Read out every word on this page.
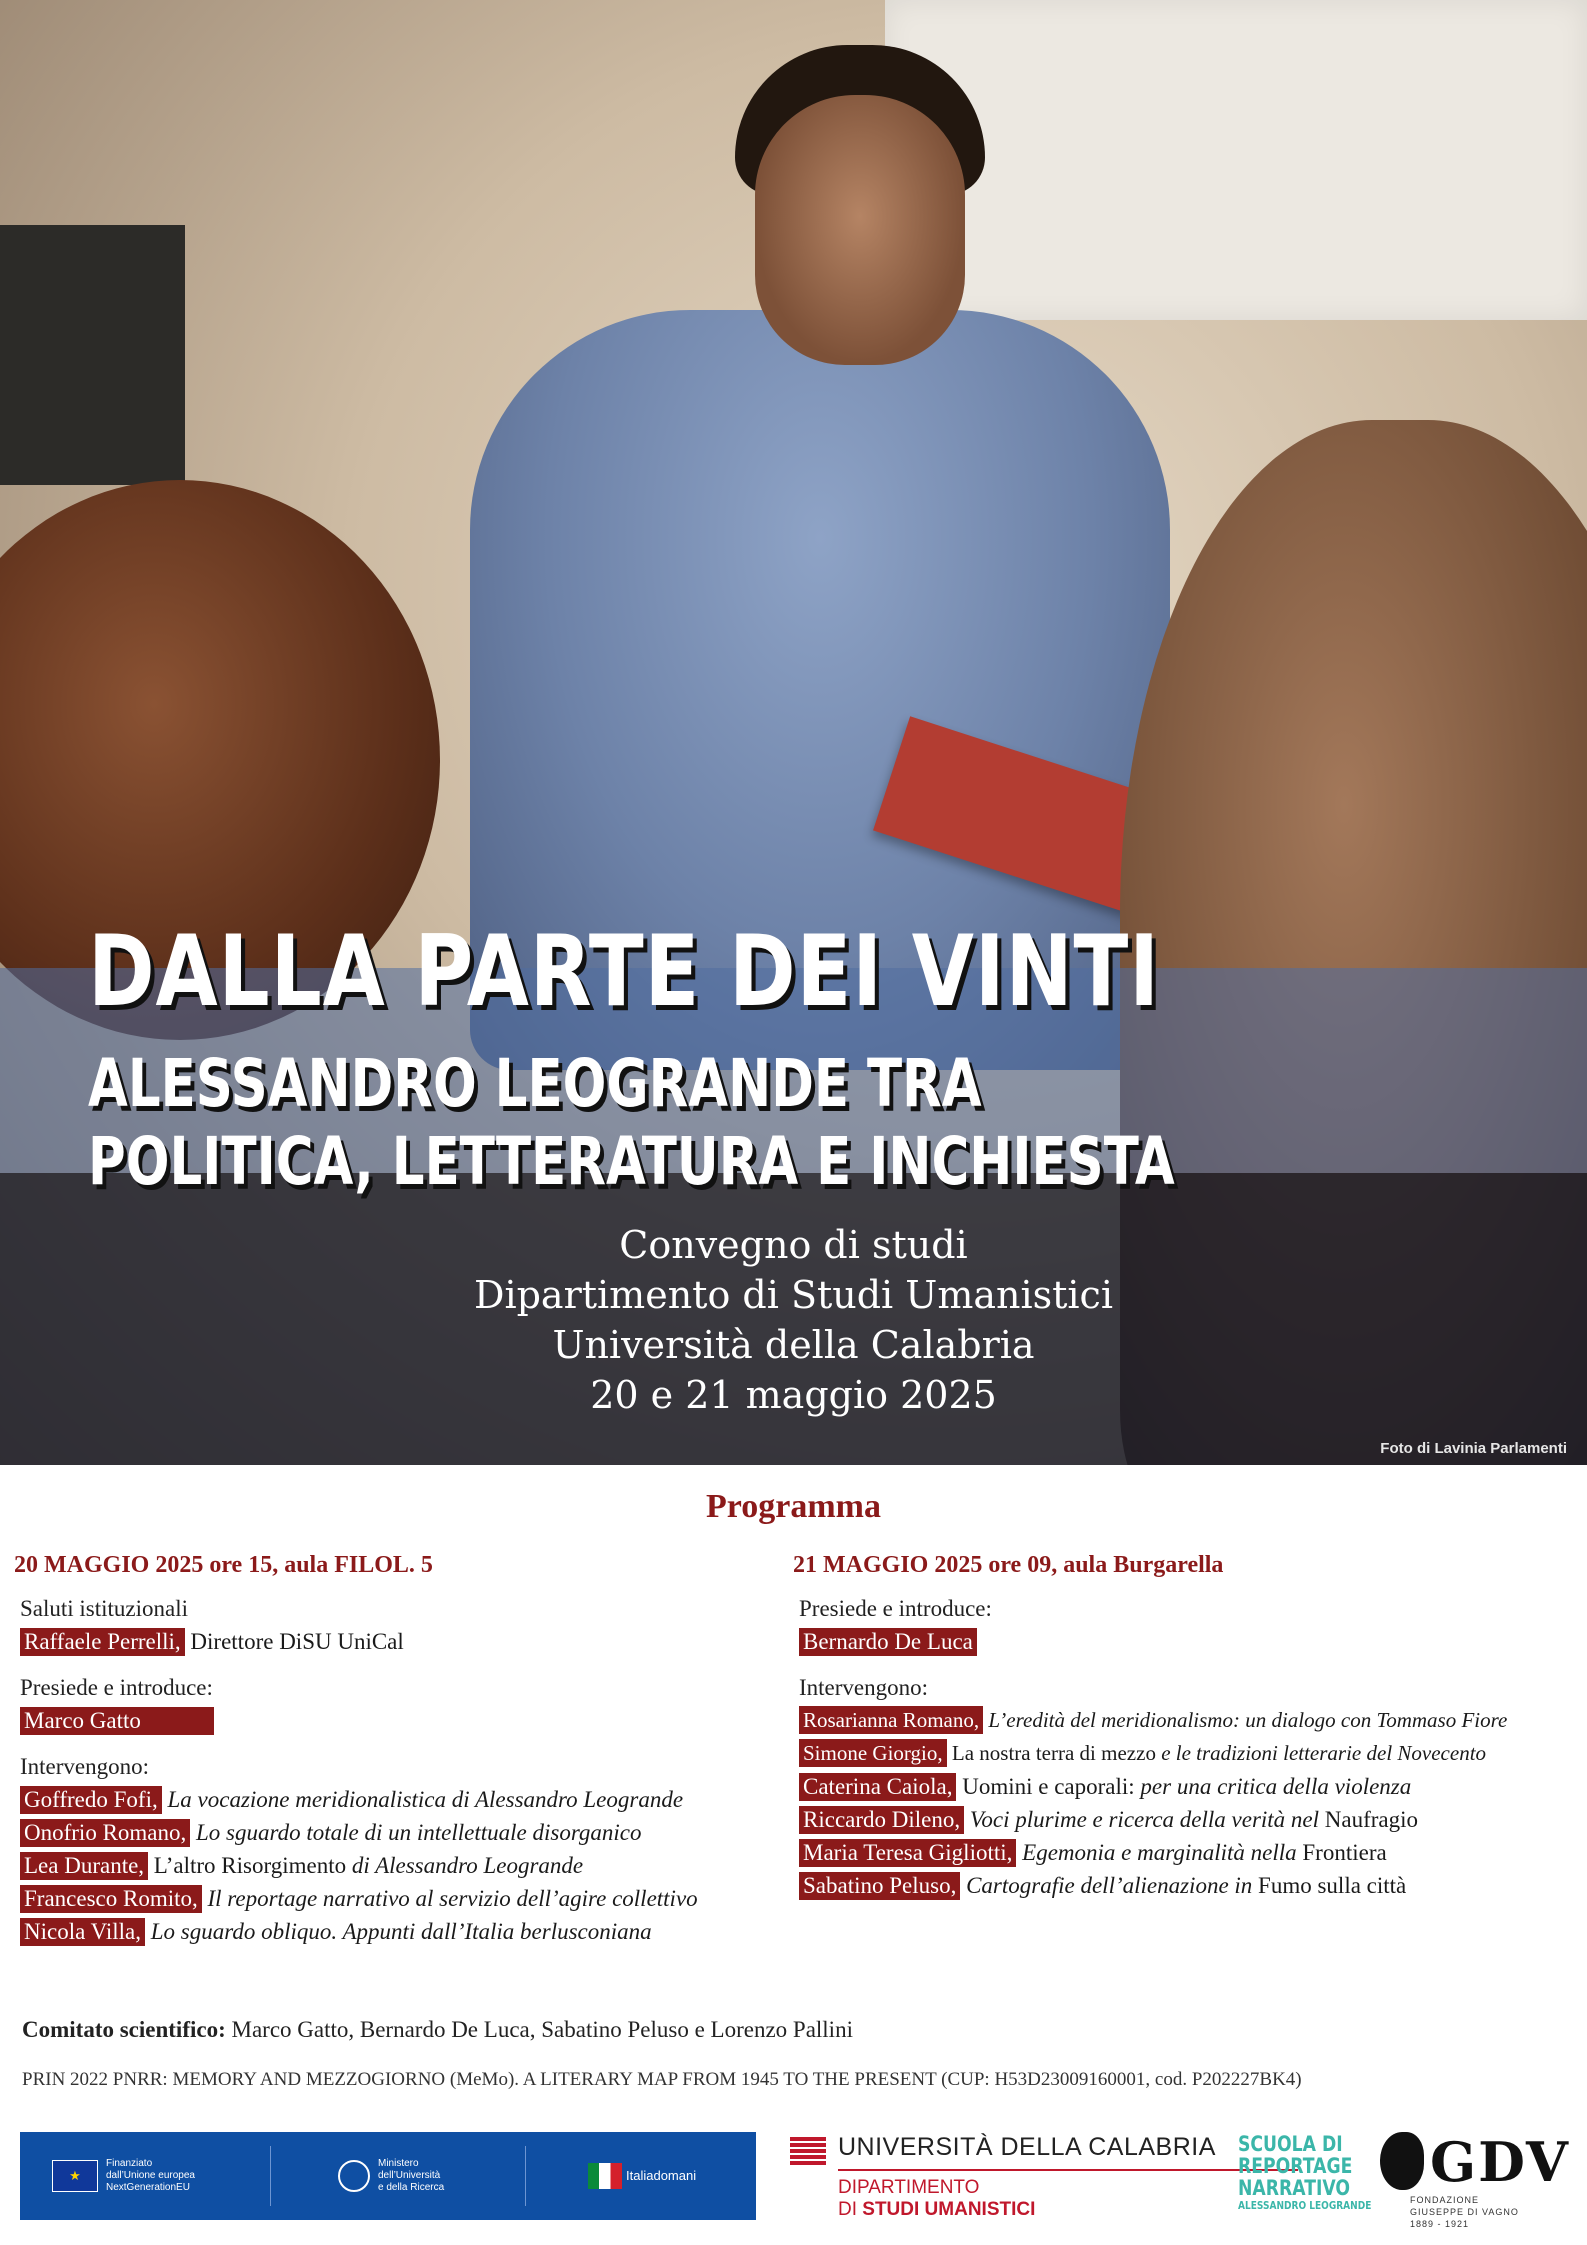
DALLA PARTE DEI VINTI
ALESSANDRO LEOGRANDE TRA
POLITICA, LETTERATURA E INCHIESTA
Convegno di studi
Dipartimento di Studi Umanistici
Università della Calabria
20 e 21 maggio 2025
Foto di Lavinia Parlamenti
Programma
20 MAGGIO 2025 ore 15, aula FILOL. 5
Saluti istituzionali
Raffaele Perrelli, Direttore DiSU UniCal
Presiede e introduce:
Marco Gatto
Intervengono:
Goffredo Fofi, La vocazione meridionalistica di Alessandro Leogrande
Onofrio Romano, Lo sguardo totale di un intellettuale disorganico
Lea Durante, L’altro Risorgimento di Alessandro Leogrande
Francesco Romito, Il reportage narrativo al servizio dell’agire collettivo
Nicola Villa, Lo sguardo obliquo. Appunti dall’Italia berlusconiana
21 MAGGIO 2025 ore 09, aula Burgarella
Presiede e introduce:
Bernardo De Luca
Intervengono:
Rosarianna Romano, L’eredità del meridionalismo: un dialogo con Tommaso Fiore
Simone Giorgio, La nostra terra di mezzo e le tradizioni letterarie del Novecento
Caterina Caiola, Uomini e caporali: per una critica della violenza
Riccardo Dileno, Voci plurime e ricerca della verità nel Naufragio
Maria Teresa Gigliotti, Egemonia e marginalità nella Frontiera
Sabatino Peluso, Cartografie dell’alienazione in Fumo sulla città
Comitato scientifico: Marco Gatto, Bernardo De Luca, Sabatino Peluso e Lorenzo Pallini
PRIN 2022 PNRR: MEMORY AND MEZZOGIORNO (MeMo). A LITERARY MAP FROM 1945 TO THE PRESENT (CUP: H53D23009160001, cod. P202227BK4)
★
Finanziato
dall’Unione europea
NextGenerationEU
Ministero
dell’Università
e della Ricerca
Italiadomani
UNIVERSITÀ DELLA CALABRIA
DIPARTIMENTO
DI STUDI UMANISTICI
SCUOLA DI
REPORTAGE
NARRATIVO
ALESSANDRO LEOGRANDE
GDV
FONDAZIONE
GIUSEPPE DI VAGNO
1889 - 1921
